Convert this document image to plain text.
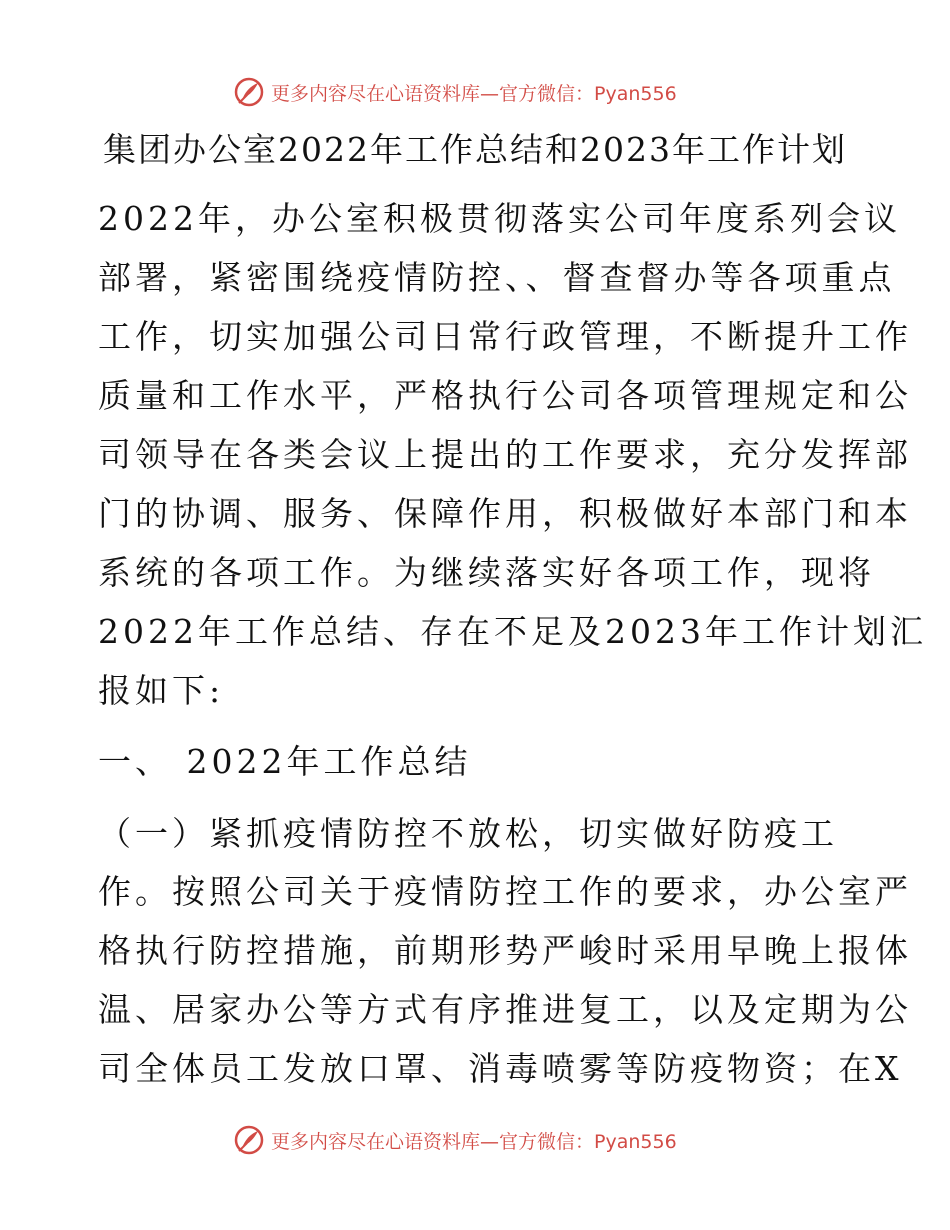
更多内容尽在心语资料库—官方微信：Pyan556
集团办公室2022年工作总结和2023年工作计划
2022年，办公室积极贯彻落实公司年度系列会议
部署，紧密围绕疫情防控、、督查督办等各项重点
工作，切实加强公司日常行政管理，不断提升工作
质量和工作水平，严格执行公司各项管理规定和公
司领导在各类会议上提出的工作要求，充分发挥部
门的协调、服务、保障作用，积极做好本部门和本
系统的各项工作。为继续落实好各项工作，现将
2022年工作总结、存在不足及2023年工作计划汇
报如下:
一、 2022年工作总结
（一）紧抓疫情防控不放松，切实做好防疫工
作。按照公司关于疫情防控工作的要求，办公室严
格执行防控措施，前期形势严峻时采用早晚上报体
温、居家办公等方式有序推进复工，以及定期为公
司全体员工发放口罩、消毒喷雾等防疫物资；在X
更多内容尽在心语资料库—官方微信：Pyan556
